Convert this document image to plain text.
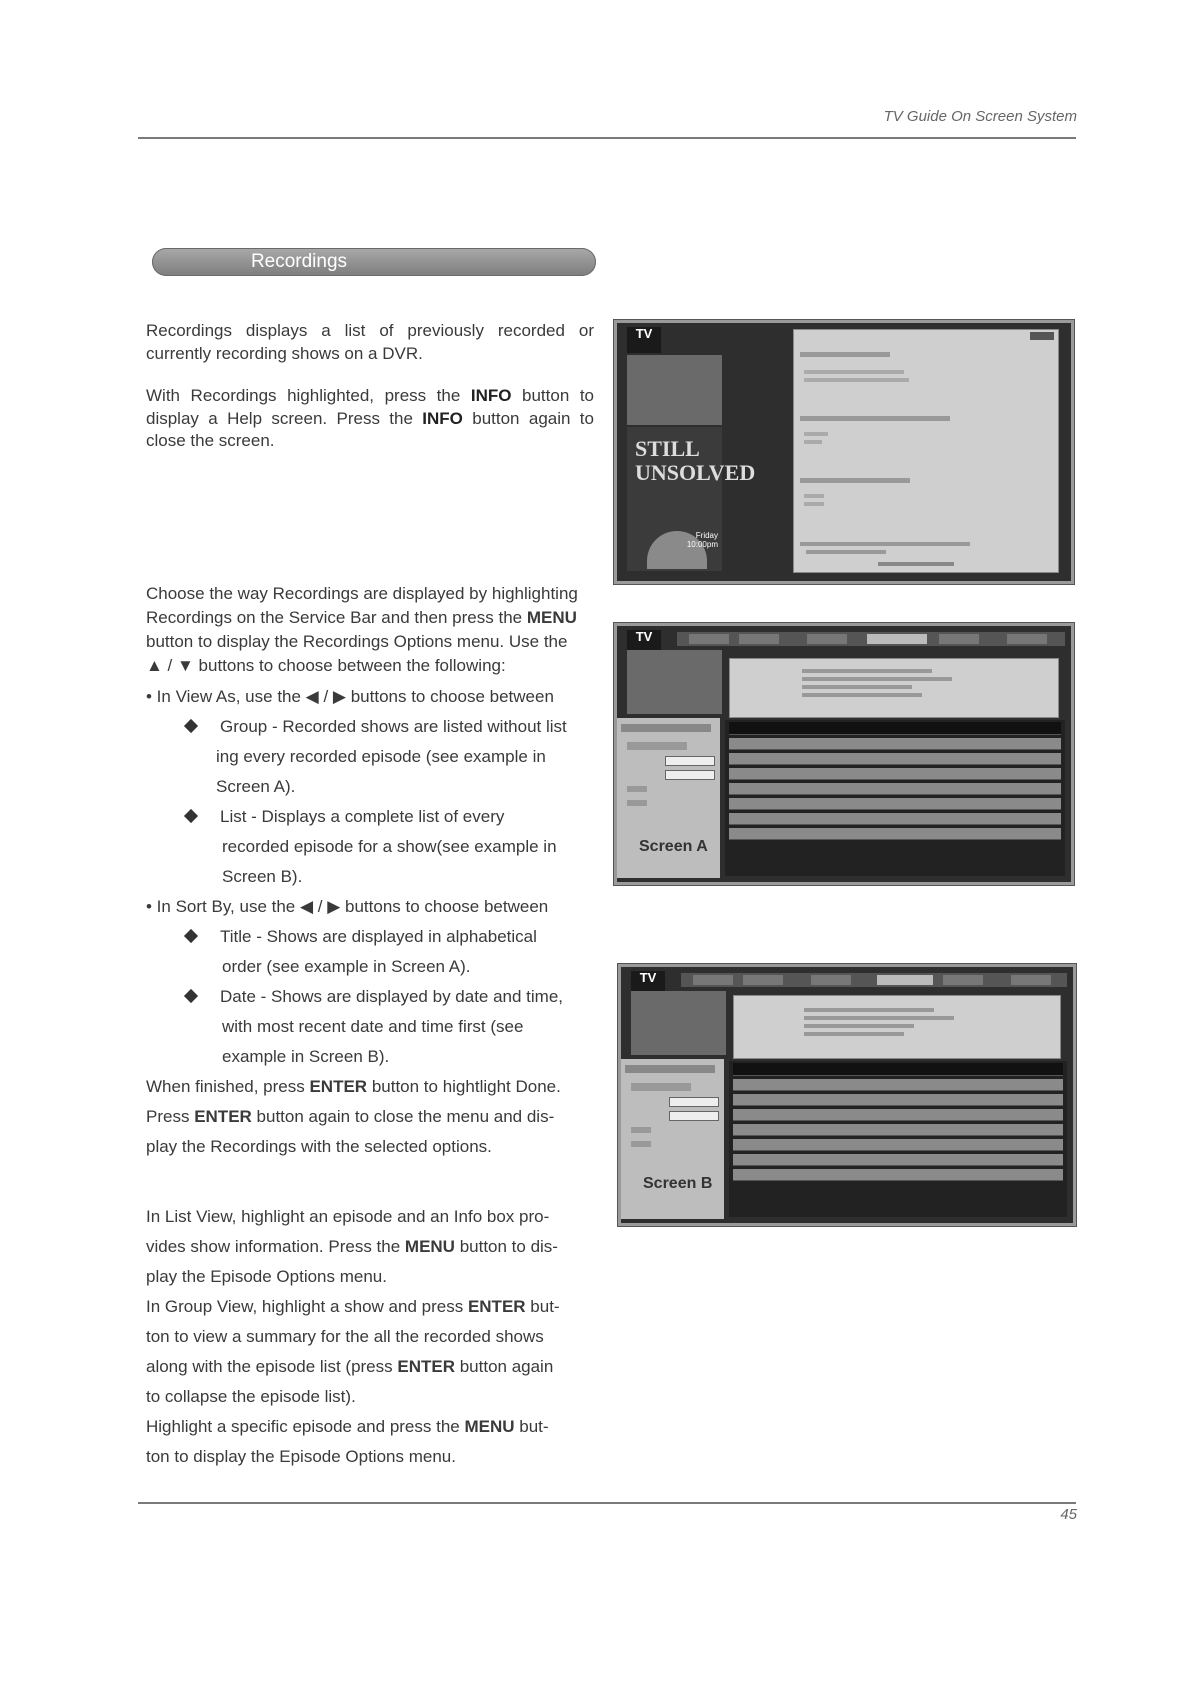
TV Guide On Screen System
Recordings
Recordings displays a list of previously recorded or currently recording shows on a DVR.
With Recordings highlighted, press the INFO button to display a Help screen. Press the INFO button again to close the screen.
Choose the way Recordings are displayed by highlighting
Recordings on the Service Bar and then press the MENU
button to display the Recordings Options menu. Use the
▲ / ▼ buttons to choose between the following:
• In View As, use the ◀ / ▶ buttons to choose between
Group - Recorded shows are listed without list
ing every recorded episode (see example in
Screen A).
List - Displays a complete list of every
recorded episode for a show(see example in
Screen B).
• In Sort By, use the ◀ / ▶ buttons to choose between
Title - Shows are displayed in alphabetical
order (see example in Screen A).
Date - Shows are displayed by date and time,
with most recent date and time first (see
example in Screen B).
When finished, press ENTER button to hightlight Done.
Press ENTER button again to close the menu and dis-
play the Recordings with the selected options.
In List View, highlight an episode and an Info box pro-
vides show information. Press the MENU button to dis-
play the Episode Options menu.
In Group View, highlight a show and press ENTER but-
ton to view a summary for the all the recorded shows
along with the episode list (press ENTER button again
to collapse the episode list).
Highlight a specific episode and press the MENU but-
ton to display the Episode Options menu.
TV
STILL
UNSOLVED
Friday 10:00pm
TV
Screen A
TV
Screen B
45
